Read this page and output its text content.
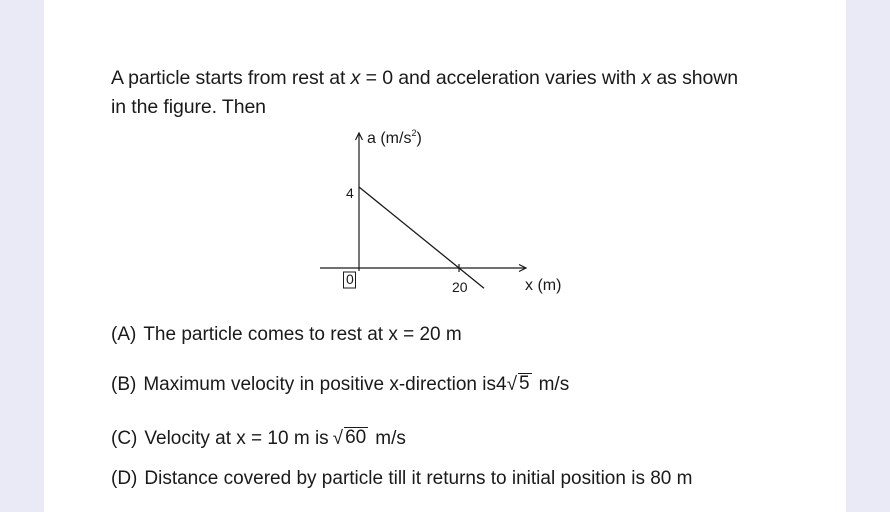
A particle starts from rest at x = 0 and acceleration varies with x as shown
in the figure. Then
4
0	20	x (m)
a $(m/s^2)$
(A) The particle comes to rest at x = 20 m
(B) Maximum velocity in positive x-direction is 4 √ 5 m/s
(C) Velocity at x = 10 m is √ 60 m/s
(D) Distance covered by particle till it returns to initial position is 80 m
